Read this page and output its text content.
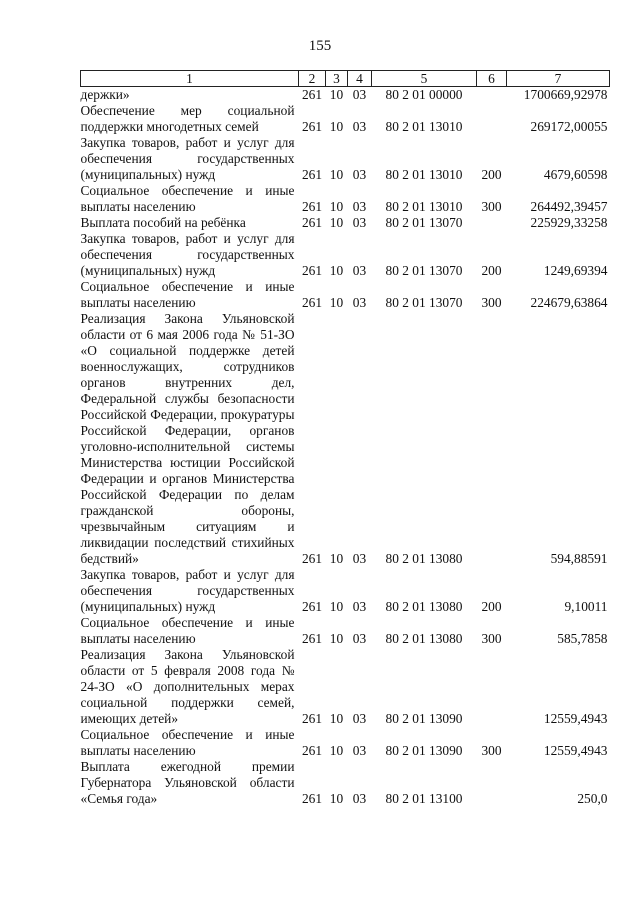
155
1	2	3	4	5	6	7
держки»	261	10	03	80 2 01 00000		1700669,92978
Обеспечение мер социальной поддержки многодетных семей	261	10	03	80 2 01 13010		269172,00055
Закупка товаров, работ и услуг для обеспечения государственных (муниципальных) нужд	261	10	03	80 2 01 13010	200	4679,60598
Социальное обеспечение и иные выплаты населению	261	10	03	80 2 01 13010	300	264492,39457
Выплата пособий на ребёнка	261	10	03	80 2 01 13070		225929,33258
Закупка товаров, работ и услуг для обеспечения государственных (муниципальных) нужд	261	10	03	80 2 01 13070	200	1249,69394
Социальное обеспечение и иные выплаты населению	261	10	03	80 2 01 13070	300	224679,63864
Реализация Закона Ульяновской области от 6 мая 2006 года № 51-ЗО «О социальной поддержке детей военнослужащих, сотрудников органов внутренних дел, Федеральной службы безопасности Российской Федерации, прокуратуры Российской Федерации, органов уголовно-исполнительной системы Министерства юстиции Российской Федерации и органов Министерства Российской Федерации по делам гражданской обороны, чрезвычайным ситуациям и ликвидации последствий стихийных бедствий»	261	10	03	80 2 01 13080		594,88591
Закупка товаров, работ и услуг для обеспечения государственных (муниципальных) нужд	261	10	03	80 2 01 13080	200	9,10011
Социальное обеспечение и иные выплаты населению	261	10	03	80 2 01 13080	300	585,7858
Реализация Закона Ульяновской области от 5 февраля 2008 года № 24-ЗО «О дополнительных мерах социальной поддержки семей, имеющих детей»	261	10	03	80 2 01 13090		12559,4943
Социальное обеспечение и иные выплаты населению	261	10	03	80 2 01 13090	300	12559,4943
Выплата ежегодной премии Губернатора Ульяновской области «Семья года»	261	10	03	80 2 01 13100		250,0
